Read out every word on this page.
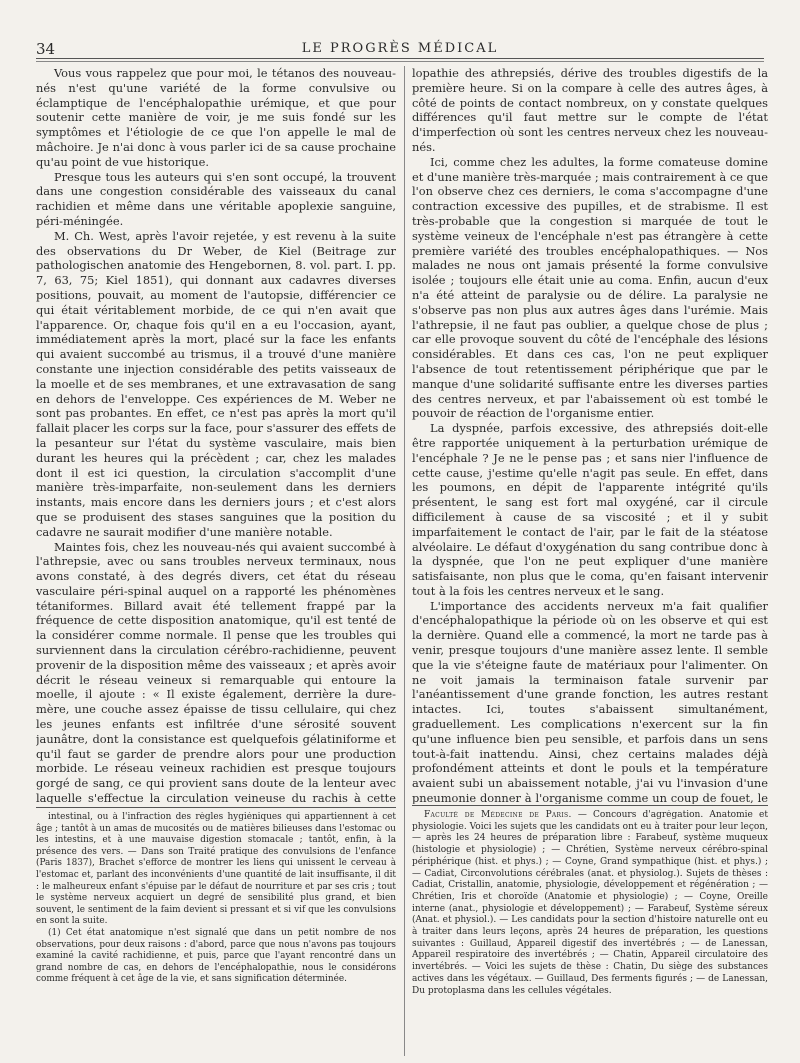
34	LE PROGRÈS MÉDICAL

Vous vous rappelez que pour moi, le tétanos des nouveau-nés n'est qu'une variété de la forme convulsive ou éclamptique de l'encéphalopathie urémique, et que pour soutenir cette manière de voir, je me suis fondé sur les symptômes et l'étiologie de ce que l'on appelle le mal de mâchoire. Je n'ai donc à vous parler ici de sa cause prochaine qu'au point de vue historique.

Presque tous les auteurs qui s'en sont occupé, la trouvent dans une congestion considérable des vaisseaux du canal rachidien et même dans une véritable apoplexie sanguine, péri-méningée.

M. Ch. West, après l'avoir rejetée, y est revenu à la suite des observations du Dr Weber, de Kiel (Beitrage zur pathologischen anatomie des Hengebornen, 8. vol. part. I. pp. 7, 63, 75; Kiel 1851), qui donnant aux cadavres diverses positions, pouvait, au moment de l'autopsie, différencier ce qui était véritablement morbide, de ce qui n'en avait que l'apparence. Or, chaque fois qu'il en a eu l'occasion, ayant, immédiatement après la mort, placé sur la face les enfants qui avaient succombé au trismus, il a trouvé d'une manière constante une injection considérable des petits vaisseaux de la moelle et de ses membranes, et une extravasation de sang en dehors de l'enveloppe. Ces expériences de M. Weber ne sont pas probantes. En effet, ce n'est pas après la mort qu'il fallait placer les corps sur la face, pour s'assurer des effets de la pesanteur sur l'état du système vasculaire, mais bien durant les heures qui la précèdent ; car, chez les malades dont il est ici question, la circulation s'accomplit d'une manière très-imparfaite, non-seulement dans les derniers instants, mais encore dans les derniers jours ; et c'est alors que se produisent des stases sanguines que la position du cadavre ne saurait modifier d'une manière notable.

Maintes fois, chez les nouveau-nés qui avaient succombé à l'athrepsie, avec ou sans troubles nerveux terminaux, nous avons constaté, à des degrés divers, cet état du réseau vasculaire péri-spinal auquel on a rapporté les phénomènes tétaniformes. Billard avait été tellement frappé par la fréquence de cette disposition anatomique, qu'il est tenté de la considérer comme normale. Il pense que les troubles qui surviennent dans la circulation cérébro-rachidienne, peuvent provenir de la disposition même des vaisseaux ; et après avoir décrit le réseau veineux si remarquable qui entoure la moelle, il ajoute : « Il existe également, derrière la dure-mère, une couche assez épaisse de tissu cellulaire, qui chez les jeunes enfants est infiltrée d'une sérosité souvent jaunâtre, dont la consistance est quelquefois gélatiniforme et qu'il faut se garder de prendre alors pour une production morbide. Le réseau veineux rachidien est presque toujours gorgé de sang, ce qui provient sans doute de la lenteur avec laquelle s'effectue la circulation veineuse du rachis à cette

intestinal, ou à l'infraction des règles hygiéniques qui appartiennent à cet âge ; tantôt à un amas de mucosités ou de matières bilieuses dans l'estomac ou les intestins, et à une mauvaise digestion stomacale ; tantôt, enfin, à la présence des vers. — Dans son Traité pratique des convulsions de l'enfance (Paris 1837), Brachet s'efforce de montrer les liens qui unissent le cerveau à l'estomac et, parlant des inconvénients d'une quantité de lait insuffisante, il dit : le malheureux enfant s'épuise par le défaut de nourriture et par ses cris ; tout le système nerveux acquiert un degré de sensibilité plus grand, et bien souvent, le sentiment de la faim devient si pressant et si vif que les convulsions en sont la suite.

(1) Cet état anatomique n'est signalé que dans un petit nombre de nos observations, pour deux raisons : d'abord, parce que nous n'avons pas toujours examiné la cavité rachidienne, et puis, parce que l'ayant rencontré dans un grand nombre de cas, en dehors de l'encéphalopathie, nous le considérons comme fréquent à cet âge de la vie, et sans signification déterminée.

lopathie des athrepsiés, dérive des troubles digestifs de la première heure. Si on la compare à celle des autres âges, à côté de points de contact nombreux, on y constate quelques différences qu'il faut mettre sur le compte de l'état d'imperfection où sont les centres nerveux chez les nouveau-nés.

Ici, comme chez les adultes, la forme comateuse domine et d'une manière très-marquée ; mais contrairement à ce que l'on observe chez ces derniers, le coma s'accompagne d'une contraction excessive des pupilles, et de strabisme. Il est très-probable que la congestion si marquée de tout le système veineux de l'encéphale n'est pas étrangère à cette première variété des troubles encéphalopathiques. — Nos malades ne nous ont jamais présenté la forme convulsive isolée ; toujours elle était unie au coma. Enfin, aucun d'eux n'a été atteint de paralysie ou de délire. La paralysie ne s'observe pas non plus aux autres âges dans l'urémie. Mais l'athrepsie, il ne faut pas oublier, a quelque chose de plus ; car elle provoque souvent du côté de l'encéphale des lésions considérables. Et dans ces cas, l'on ne peut expliquer l'absence de tout retentissement périphérique que par le manque d'une solidarité suffisante entre les diverses parties des centres nerveux, et par l'abaissement où est tombé le pouvoir de réaction de l'organisme entier.

La dyspnée, parfois excessive, des athrepsiés doit-elle être rapportée uniquement à la perturbation urémique de l'encéphale ? Je ne le pense pas ; et sans nier l'influence de cette cause, j'estime qu'elle n'agit pas seule. En effet, dans les poumons, en dépit de l'apparente intégrité qu'ils présentent, le sang est fort mal oxygéné, car il circule difficilement à cause de sa viscosité ; et il y subit imparfaitement le contact de l'air, par le fait de la stéatose alvéolaire. Le défaut d'oxygénation du sang contribue donc à la dyspnée, que l'on ne peut expliquer d'une manière satisfaisante, non plus que le coma, qu'en faisant intervenir tout à la fois les centres nerveux et le sang.

L'importance des accidents nerveux m'a fait qualifier d'encéphalopathique la période où on les observe et qui est la dernière. Quand elle a commencé, la mort ne tarde pas à venir, presque toujours d'une manière assez lente. Il semble que la vie s'éteigne faute de matériaux pour l'alimenter. On ne voit jamais la terminaison fatale survenir par l'anéantissement d'une grande fonction, les autres restant intactes. Ici, toutes s'abaissent simultanément, graduellement. Les complications n'exercent sur la fin qu'une influence bien peu sensible, et parfois dans un sens tout-à-fait inattendu. Ainsi, chez certains malades déjà profondément atteints et dont le pouls et la température avaient subi un abaissement notable, j'ai vu l'invasion d'une pneumonie donner à l'organisme comme un coup de fouet, le

Faculté de Médecine de Paris. — Concours d'agrégation. Anatomie et physiologie. Voici les sujets que les candidats ont eu à traiter pour leur leçon, — après les 24 heures de préparation libre : Farabeuf, système muqueux (histologie et physiologie) ; — Chrétien, Système nerveux cérébro-spinal périphérique (hist. et phys.) ; — Coyne, Grand sympathique (hist. et phys.) ; — Cadiat, Circonvolutions cérébrales (anat. et physiolog.). Sujets de thèses : Cadiat, Cristallin, anatomie, physiologie, développement et régénération ; — Chrétien, Iris et choroïde (Anatomie et physiologie) ; — Coyne, Oreille interne (anat., physiologie et développement) ; — Farabeuf, Système séreux (Anat. et physiol.). — Les candidats pour la section d'histoire naturelle ont eu à traiter dans leurs leçons, après 24 heures de préparation, les questions suivantes : Guillaud, Appareil digestif des invertébrés ; — de Lanessan, Appareil respiratoire des invertébrés ; — Chatin, Appareil circulatoire des invertébrés. — Voici les sujets de thèse : Chatin, Du siège des substances actives dans les végétaux. — Guillaud, Des ferments figurés ; — de Lanessan, Du protoplasma dans les cellules végétales.
